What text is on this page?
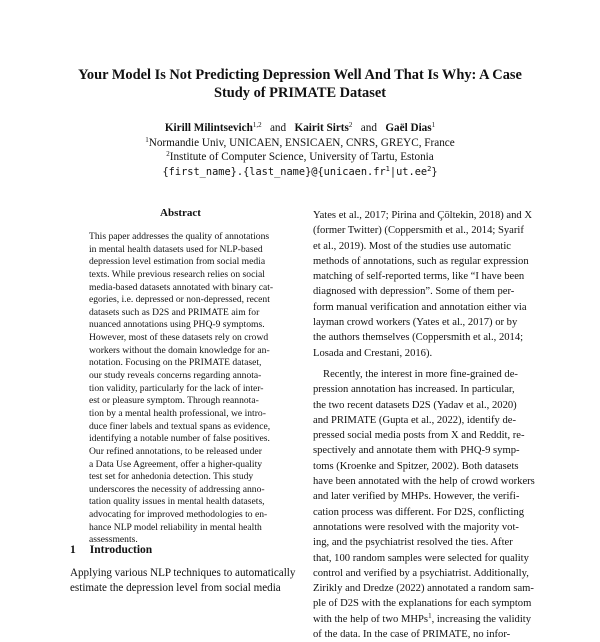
Your Model Is Not Predicting Depression Well And That Is Why: A Case
Study of PRIMATE Dataset
Kirill Milintsevich$^{1,2}$ and Kairit Sirts$^2$ and Gaël Dias$^1$
$^1$Normandie Univ, UNICAEN, ENSICAEN, CNRS, GREYC, France
$^2$Institute of Computer Science, University of Tartu, Estonia
$\{first\_name\}.\{last\_name\}@\{unicaen.fr^1|ut.ee^2\}$
Abstract
This paper addresses the quality of annotations
in mental health datasets used for NLP-based
depression level estimation from social media
texts. While previous research relies on social
media-based datasets annotated with binary cat-
egories, i.e. depressed or non-depressed, recent
datasets such as D2S and PRIMATE aim for
nuanced annotations using PHQ-9 symptoms.
However, most of these datasets rely on crowd
workers without the domain knowledge for an-
notation. Focusing on the PRIMATE dataset,
our study reveals concerns regarding annota-
tion validity, particularly for the lack of inter-
est or pleasure symptom. Through reannota-
tion by a mental health professional, we intro-
duce finer labels and textual spans as evidence,
identifying a notable number of false positives.
Our refined annotations, to be released under
a Data Use Agreement, offer a higher-quality
test set for anhedonia detection. This study
underscores the necessity of addressing anno-
tation quality issues in mental health datasets,
advocating for improved methodologies to en-
hance NLP model reliability in mental health
assessments.
1 Introduction
Applying various NLP techniques to automatically
estimate the depression level from social media
Yates et al., 2017; Pirina and Çöltekin, 2018) and X
(former Twitter) (Coppersmith et al., 2014; Syarif
et al., 2019). Most of the studies use automatic
methods of annotations, such as regular expression
matching of self-reported terms, like “I have been
diagnosed with depression”. Some of them per-
form manual verification and annotation either via
layman crowd workers (Yates et al., 2017) or by
the authors themselves (Coppersmith et al., 2014;
Losada and Crestani, 2016).
Recently, the interest in more fine-grained de-
pression annotation has increased. In particular,
the two recent datasets D2S (Yadav et al., 2020)
and PRIMATE (Gupta et al., 2022), identify de-
pressed social media posts from X and Reddit, re-
spectively and annotate them with PHQ-9 symp-
toms (Kroenke and Spitzer, 2002). Both datasets
have been annotated with the help of crowd workers
and later verified by MHPs. However, the verifi-
cation process was different. For D2S, conflicting
annotations were resolved with the majority vot-
ing, and the psychiatrist resolved the ties. After
that, 100 random samples were selected for quality
control and verified by a psychiatrist. Additionally,
Zirikly and Dredze (2022) annotated a random sam-
ple of D2S with the explanations for each symptom
with the help of two MHPs$^1$, increasing the validity
of the data. In the case of PRIMATE, no infor-
